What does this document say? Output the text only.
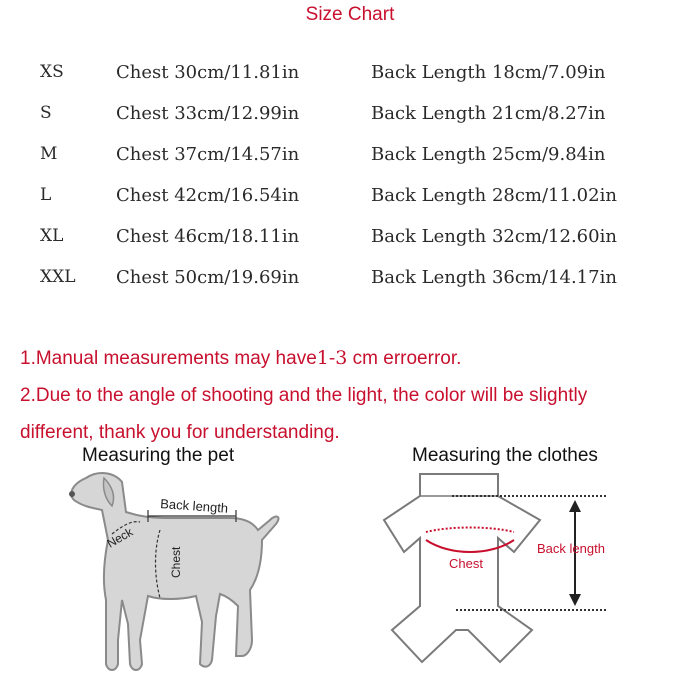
Size Chart
XS	Chest 30cm/11.81in	Back Length 18cm/7.09in
S	Chest 33cm/12.99in	Back Length 21cm/8.27in
M	Chest 37cm/14.57in	Back Length 25cm/9.84in
L	Chest 42cm/16.54in	Back Length 28cm/11.02in
XL	Chest 46cm/18.11in	Back Length 32cm/12.60in
XXL Chest 50cm/19.69in	Back Length 36cm/14.17in
1.Manual measurements may have1-3 cm erroerror.
2.Due to the angle of shooting and the light, the color will be slightly
different, thank you for understanding.
Measuring the pet	Measuring the clothes
Back length
Neck
Chest	Chest
Back length
